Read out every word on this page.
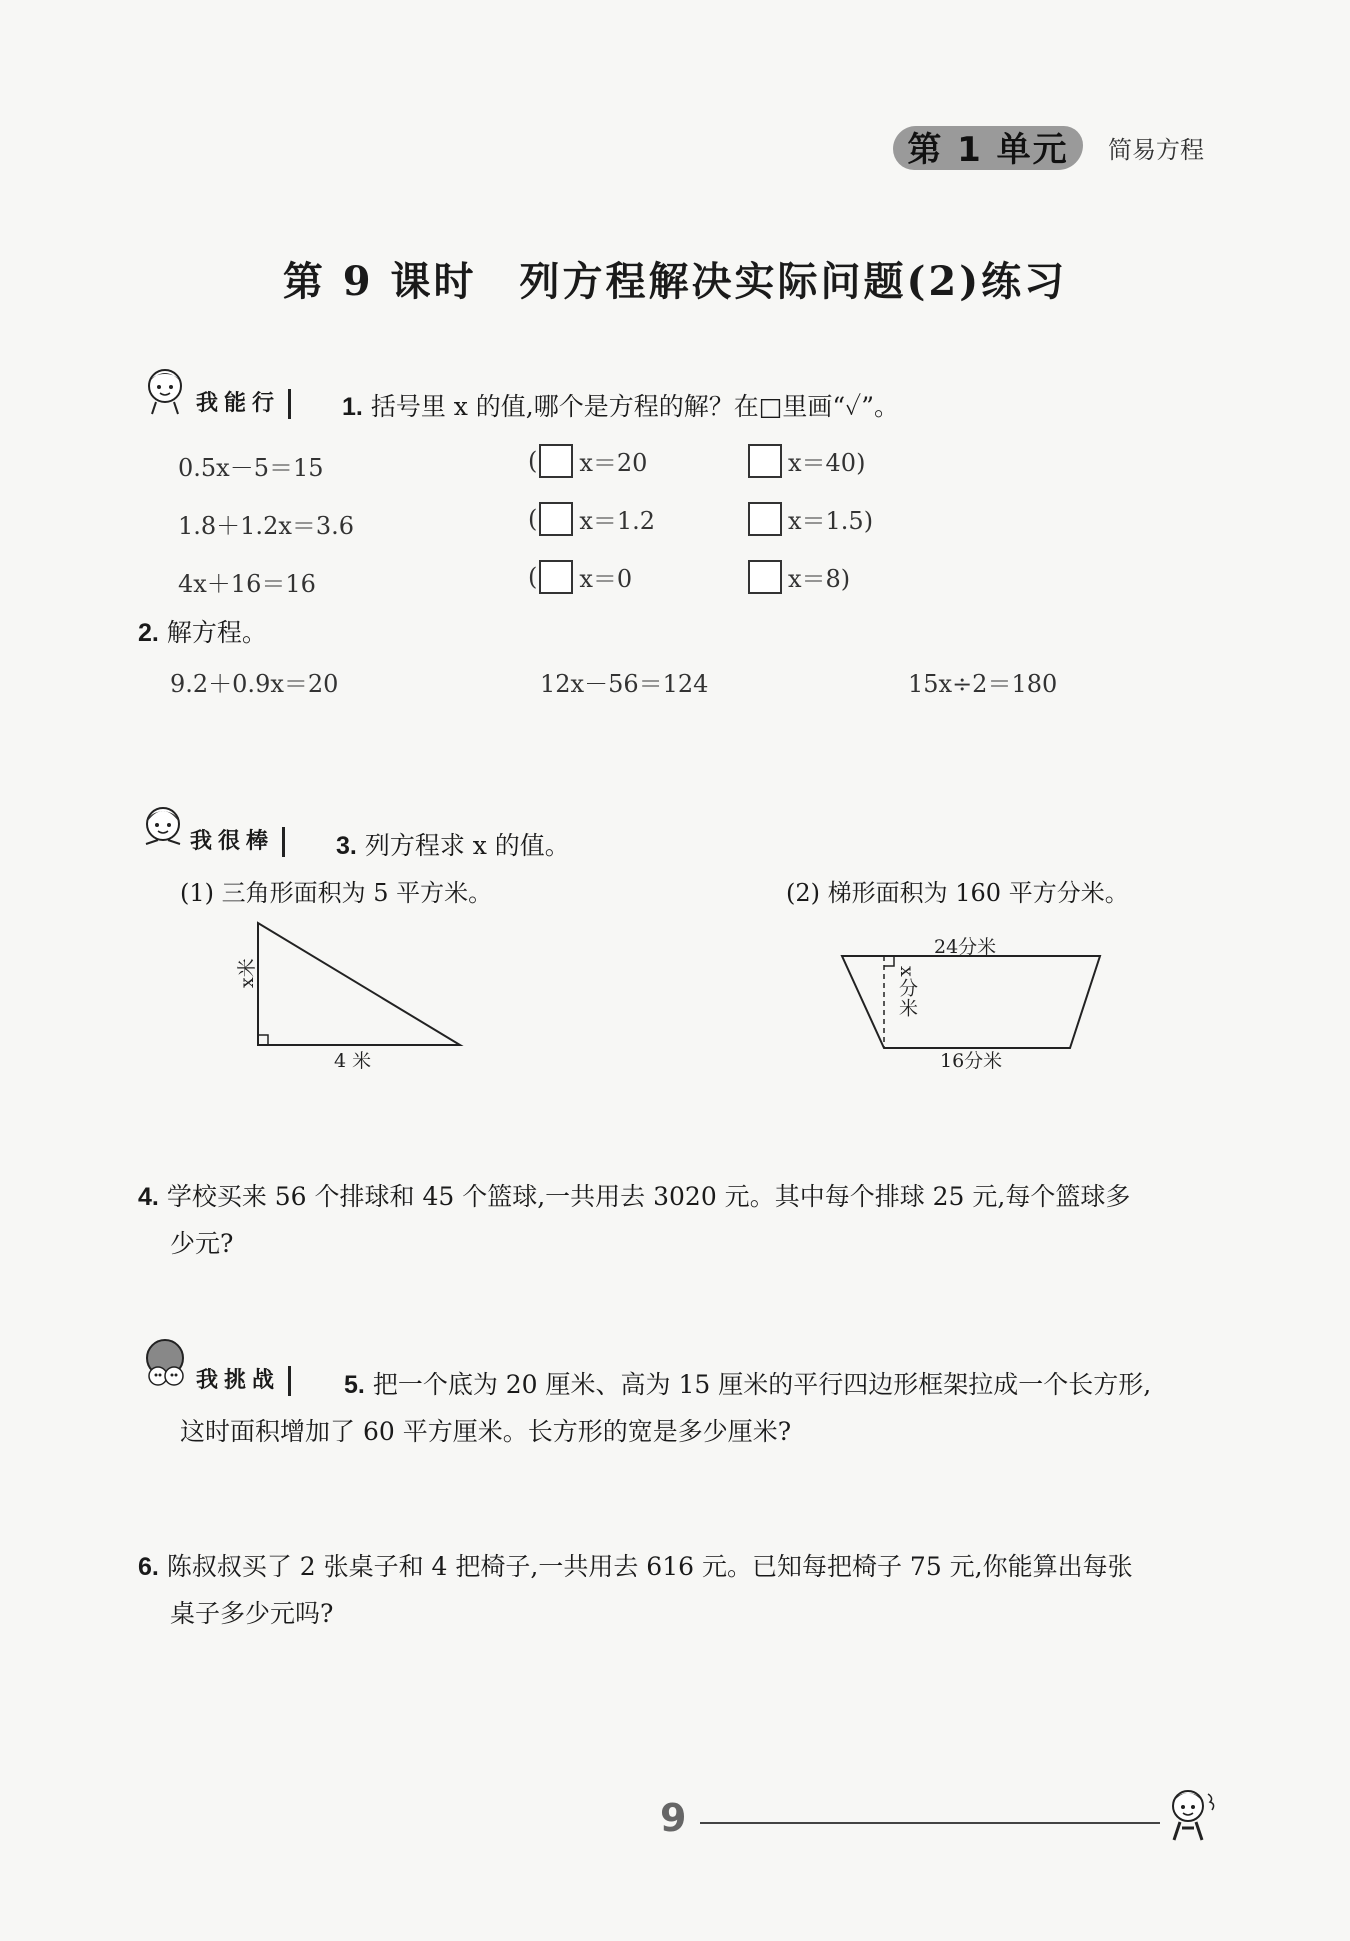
第 1 单元 简易方程
第 9 课时　列方程解决实际问题(2)练习
我能行	1. 括号里 x 的值,哪个是方程的解？在□里画“✓”。
0.5x－5＝15	( x＝20	x＝40)
1.8＋1.2x＝3.6	( x＝1.2	x＝1.5)
4x＋16＝16	( x＝0	x＝8)
2. 解方程。
9.2＋0.9x＝20	12x－56＝124	15x÷2＝180
我很棒	3. 列方程求 x 的值。
(1) 三角形面积为 5 平方米。	(2) 梯形面积为 160 平方分米。
x米
4 米
24分米
x分米
16分米
4. 学校买来 56 个排球和 45 个篮球,一共用去 3020 元。其中每个排球 25 元,每个篮球多
少元?
我挑战	5. 把一个底为 20 厘米、高为 15 厘米的平行四边形框架拉成一个长方形,
这时面积增加了 60 平方厘米。长方形的宽是多少厘米?
6. 陈叔叔买了 2 张桌子和 4 把椅子,一共用去 616 元。已知每把椅子 75 元,你能算出每张
桌子多少元吗?
9
